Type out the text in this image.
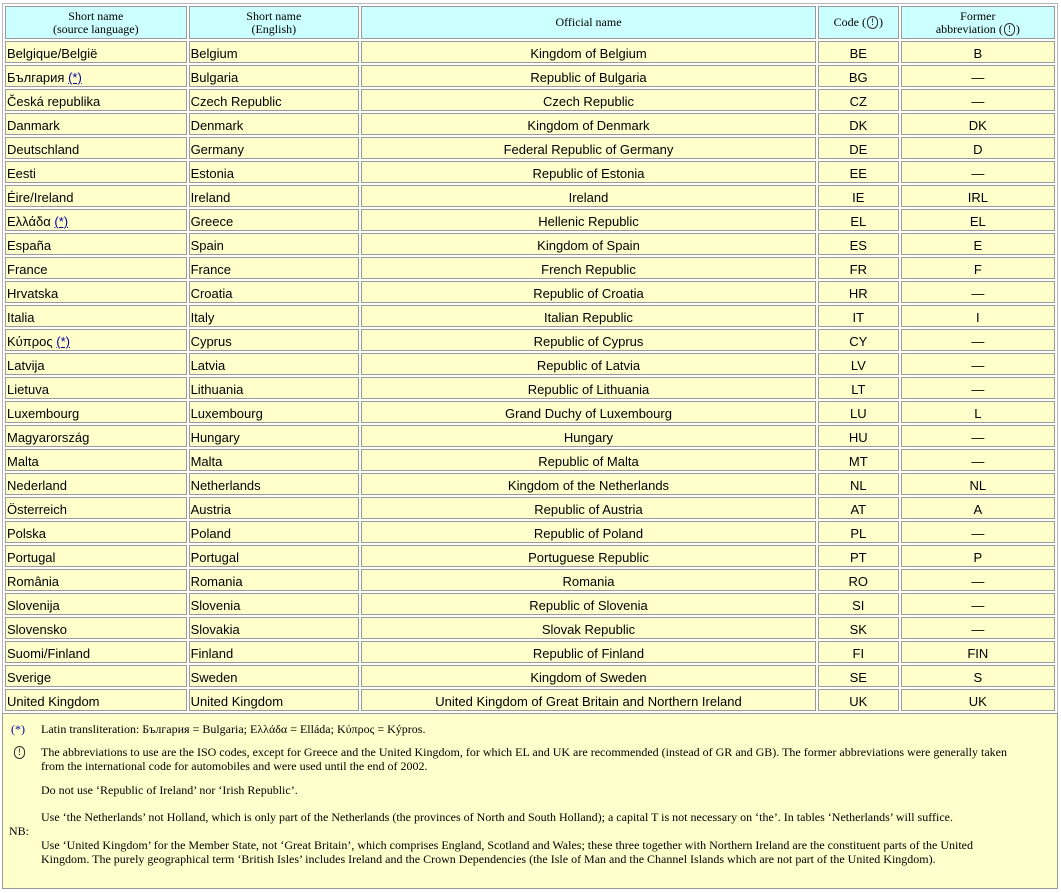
Short name
(source language)	Short name
(English)	Official name	Code ( ! )	Former
abbreviation ( ! )
Belgique/België	Belgium	Kingdom of Belgium	BE	B
България (*)	Bulgaria	Republic of Bulgaria	BG	—
Česká republika	Czech Republic	Czech Republic	CZ	—
Danmark	Denmark	Kingdom of Denmark	DK	DK
Deutschland	Germany	Federal Republic of Germany	DE	D
Eesti	Estonia	Republic of Estonia	EE	—
Éire/Ireland	Ireland	Ireland	IE	IRL
Ελλάδα (*)	Greece	Hellenic Republic	EL	EL
España	Spain	Kingdom of Spain	ES	E
France	France	French Republic	FR	F
Hrvatska	Croatia	Republic of Croatia	HR	—
Italia	Italy	Italian Republic	IT	I
Κύπρος (*)	Cyprus	Republic of Cyprus	CY	—
Latvija	Latvia	Republic of Latvia	LV	—
Lietuva	Lithuania	Republic of Lithuania	LT	—
Luxembourg	Luxembourg	Grand Duchy of Luxembourg	LU	L
Magyarország	Hungary	Hungary	HU	—
Malta	Malta	Republic of Malta	MT	—
Nederland	Netherlands	Kingdom of the Netherlands	NL	NL
Österreich	Austria	Republic of Austria	AT	A
Polska	Poland	Republic of Poland	PL	—
Portugal	Portugal	Portuguese Republic	PT	P
România	Romania	Romania	RO	—
Slovenija	Slovenia	Republic of Slovenia	SI	—
Slovensko	Slovakia	Slovak Republic	SK	—
Suomi/Finland	Finland	Republic of Finland	FI	FIN
Sverige	Sweden	Kingdom of Sweden	SE	S
United Kingdom	United Kingdom	United Kingdom of Great Britain and Northern Ireland	UK	UK
(*) Latin transliteration: България = Bulgaria; Ελλάδα = Elláda; Κύπρος = Kýpros.
!	The abbreviations to use are the ISO codes, except for Greece and the United Kingdom, for which EL and UK are recommended (instead of GR and GB). The former abbreviations were generally taken from the international code for automobiles and were used until the end of 2002.
NB:
Do not use ‘Republic of Ireland’ nor ‘Irish Republic’.
Use ‘the Netherlands’ not Holland, which is only part of the Netherlands (the provinces of North and South Holland); a capital T is not necessary on ‘the’. In tables ‘Netherlands’ will suffice.
Use ‘United Kingdom’ for the Member State, not ‘Great Britain’, which comprises England, Scotland and Wales; these three together with Northern Ireland are the constituent parts of the United Kingdom. The purely geographical term ‘British Isles’ includes Ireland and the Crown Dependencies (the Isle of Man and the Channel Islands which are not part of the United Kingdom).
